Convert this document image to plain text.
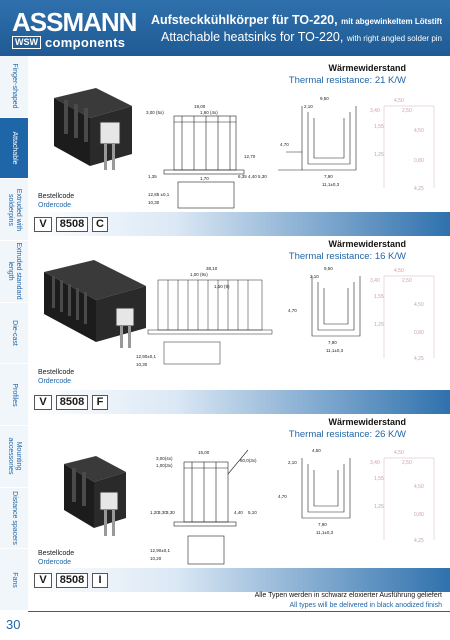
ASSMANN
WSW components
Aufsteckkühlkörper für TO-220, mit abgewinkeltem Lötstift
Attachable heatsinks for TO-220, with right angled solder pin
Finger-shaped
Attachable
Extruded with solderpins
Extruded standard length
Die-cast
Profiles
Mounting accessories
Distance spacers
Fans
30
19,00
1,60 (4x)
3,00 (5x)
12,70
1,70
1,35	6,35 4,40 5,30
12,85 ±0,1
10,30
Wärmewiderstand
Thermal resistance: 21 K/W
9,50
2,10
7,90
11,1±0,3
4,70
4,50
2,50
3,40
1,55
4,50
1,25
0,80
4,25
Bestellcode
Ordercode
V	8508	C
38,10
1,00 (9x)
1,50 (9)
12,90±0,1
10,30
Wärmewiderstand
Thermal resistance: 16 K/W
9,50
2,10
7,90
11,1±0,3
4,70
4,50
2,50
3,40
1,55
4,50
1,25
0,80
4,25
Bestellcode
Ordercode
V	8508	F
15,00
3,00(4x)
1,00(3x)
60,0(3x)
1,20 3,30 3,30	4,40 5,10
12,90±0,1
10,20
Wärmewiderstand
Thermal resistance: 26 K/W
4,50
2,10
7,90
11,1±0,3
4,70
4,50
2,50
3,40
1,55
4,50
1,25
0,80
4,25
Bestellcode
Ordercode
V	8508	I
Alle Typen werden in schwarz eloxierter Ausführung geliefert
All types will be delivered in black anodized finish
